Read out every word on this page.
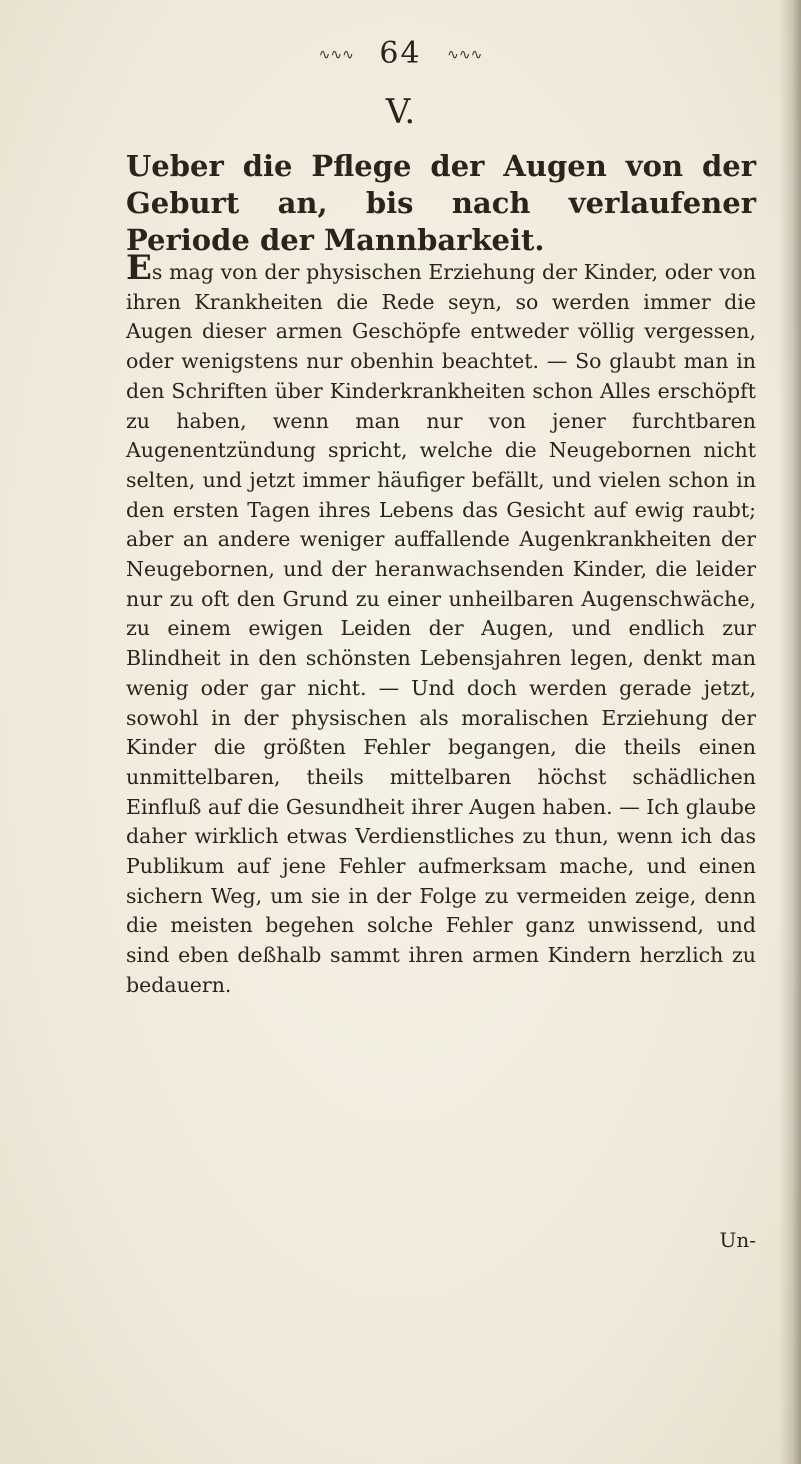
∿∿∿ 64 ∿∿∿
V.
Ueber die Pflege der Augen von der Geburt an, bis nach verlaufener Periode der Mannbarkeit.
Es mag von der physischen Erziehung der Kinder, oder von ihren Krankheiten die Rede seyn, so werden immer die Augen dieser armen Geschöpfe entweder völlig vergessen, oder wenigstens nur obenhin beachtet. — So glaubt man in den Schriften über Kinderkrankheiten schon Alles erschöpft zu haben, wenn man nur von jener furchtbaren Augenentzündung spricht, welche die Neugebornen nicht selten, und jetzt immer häufiger befällt, und vielen schon in den ersten Tagen ihres Lebens das Gesicht auf ewig raubt; aber an andere weniger auffallende Augenkrankheiten der Neugebornen, und der heranwachsenden Kinder, die leider nur zu oft den Grund zu einer unheilbaren Augenschwäche, zu einem ewigen Leiden der Augen, und endlich zur Blindheit in den schönsten Lebensjahren legen, denkt man wenig oder gar nicht. — Und doch werden gerade jetzt, sowohl in der physischen als moralischen Erziehung der Kinder die größten Fehler begangen, die theils einen unmittelbaren, theils mittelbaren höchst schädlichen Einfluß auf die Gesundheit ihrer Augen haben. — Ich glaube daher wirklich etwas Verdienstliches zu thun, wenn ich das Publikum auf jene Fehler aufmerksam mache, und einen sichern Weg, um sie in der Folge zu vermeiden zeige, denn die meisten begehen solche Fehler ganz unwissend, und sind eben deßhalb sammt ihren armen Kindern herzlich zu bedauern.
Un-
